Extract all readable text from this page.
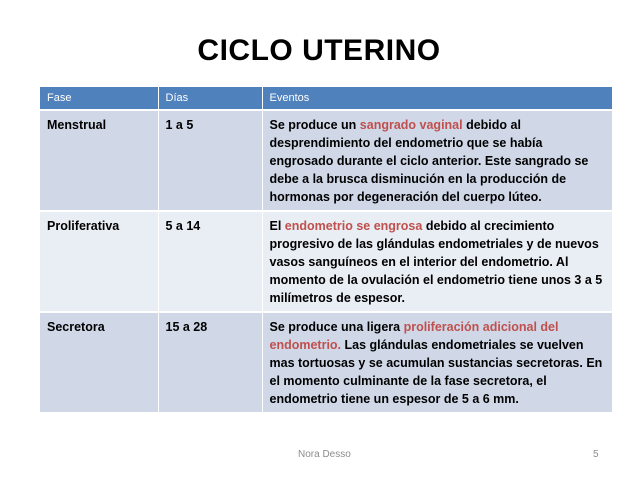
CICLO UTERINO
Fase	Días	Eventos
Menstrual	1 a 5	Se produce un sangrado vaginal debido al desprendimiento del endometrio que se había engrosado durante el ciclo anterior. Este sangrado se debe a la brusca disminución en la producción de hormonas por degeneración del cuerpo lúteo.
Proliferativa	5 a 14	El endometrio se engrosa debido al crecimiento progresivo de las glándulas endometriales y de nuevos vasos sanguíneos en el interior del endometrio. Al momento de la ovulación el endometrio tiene unos 3 a 5 milímetros de espesor.
Secretora	15 a 28	Se produce una ligera proliferación adicional del endometrio. Las glándulas endometriales se vuelven mas tortuosas y se acumulan sustancias secretoras. En el momento culminante de la fase secretora, el endometrio tiene un espesor de 5 a 6 mm.
Nora Desso	5
